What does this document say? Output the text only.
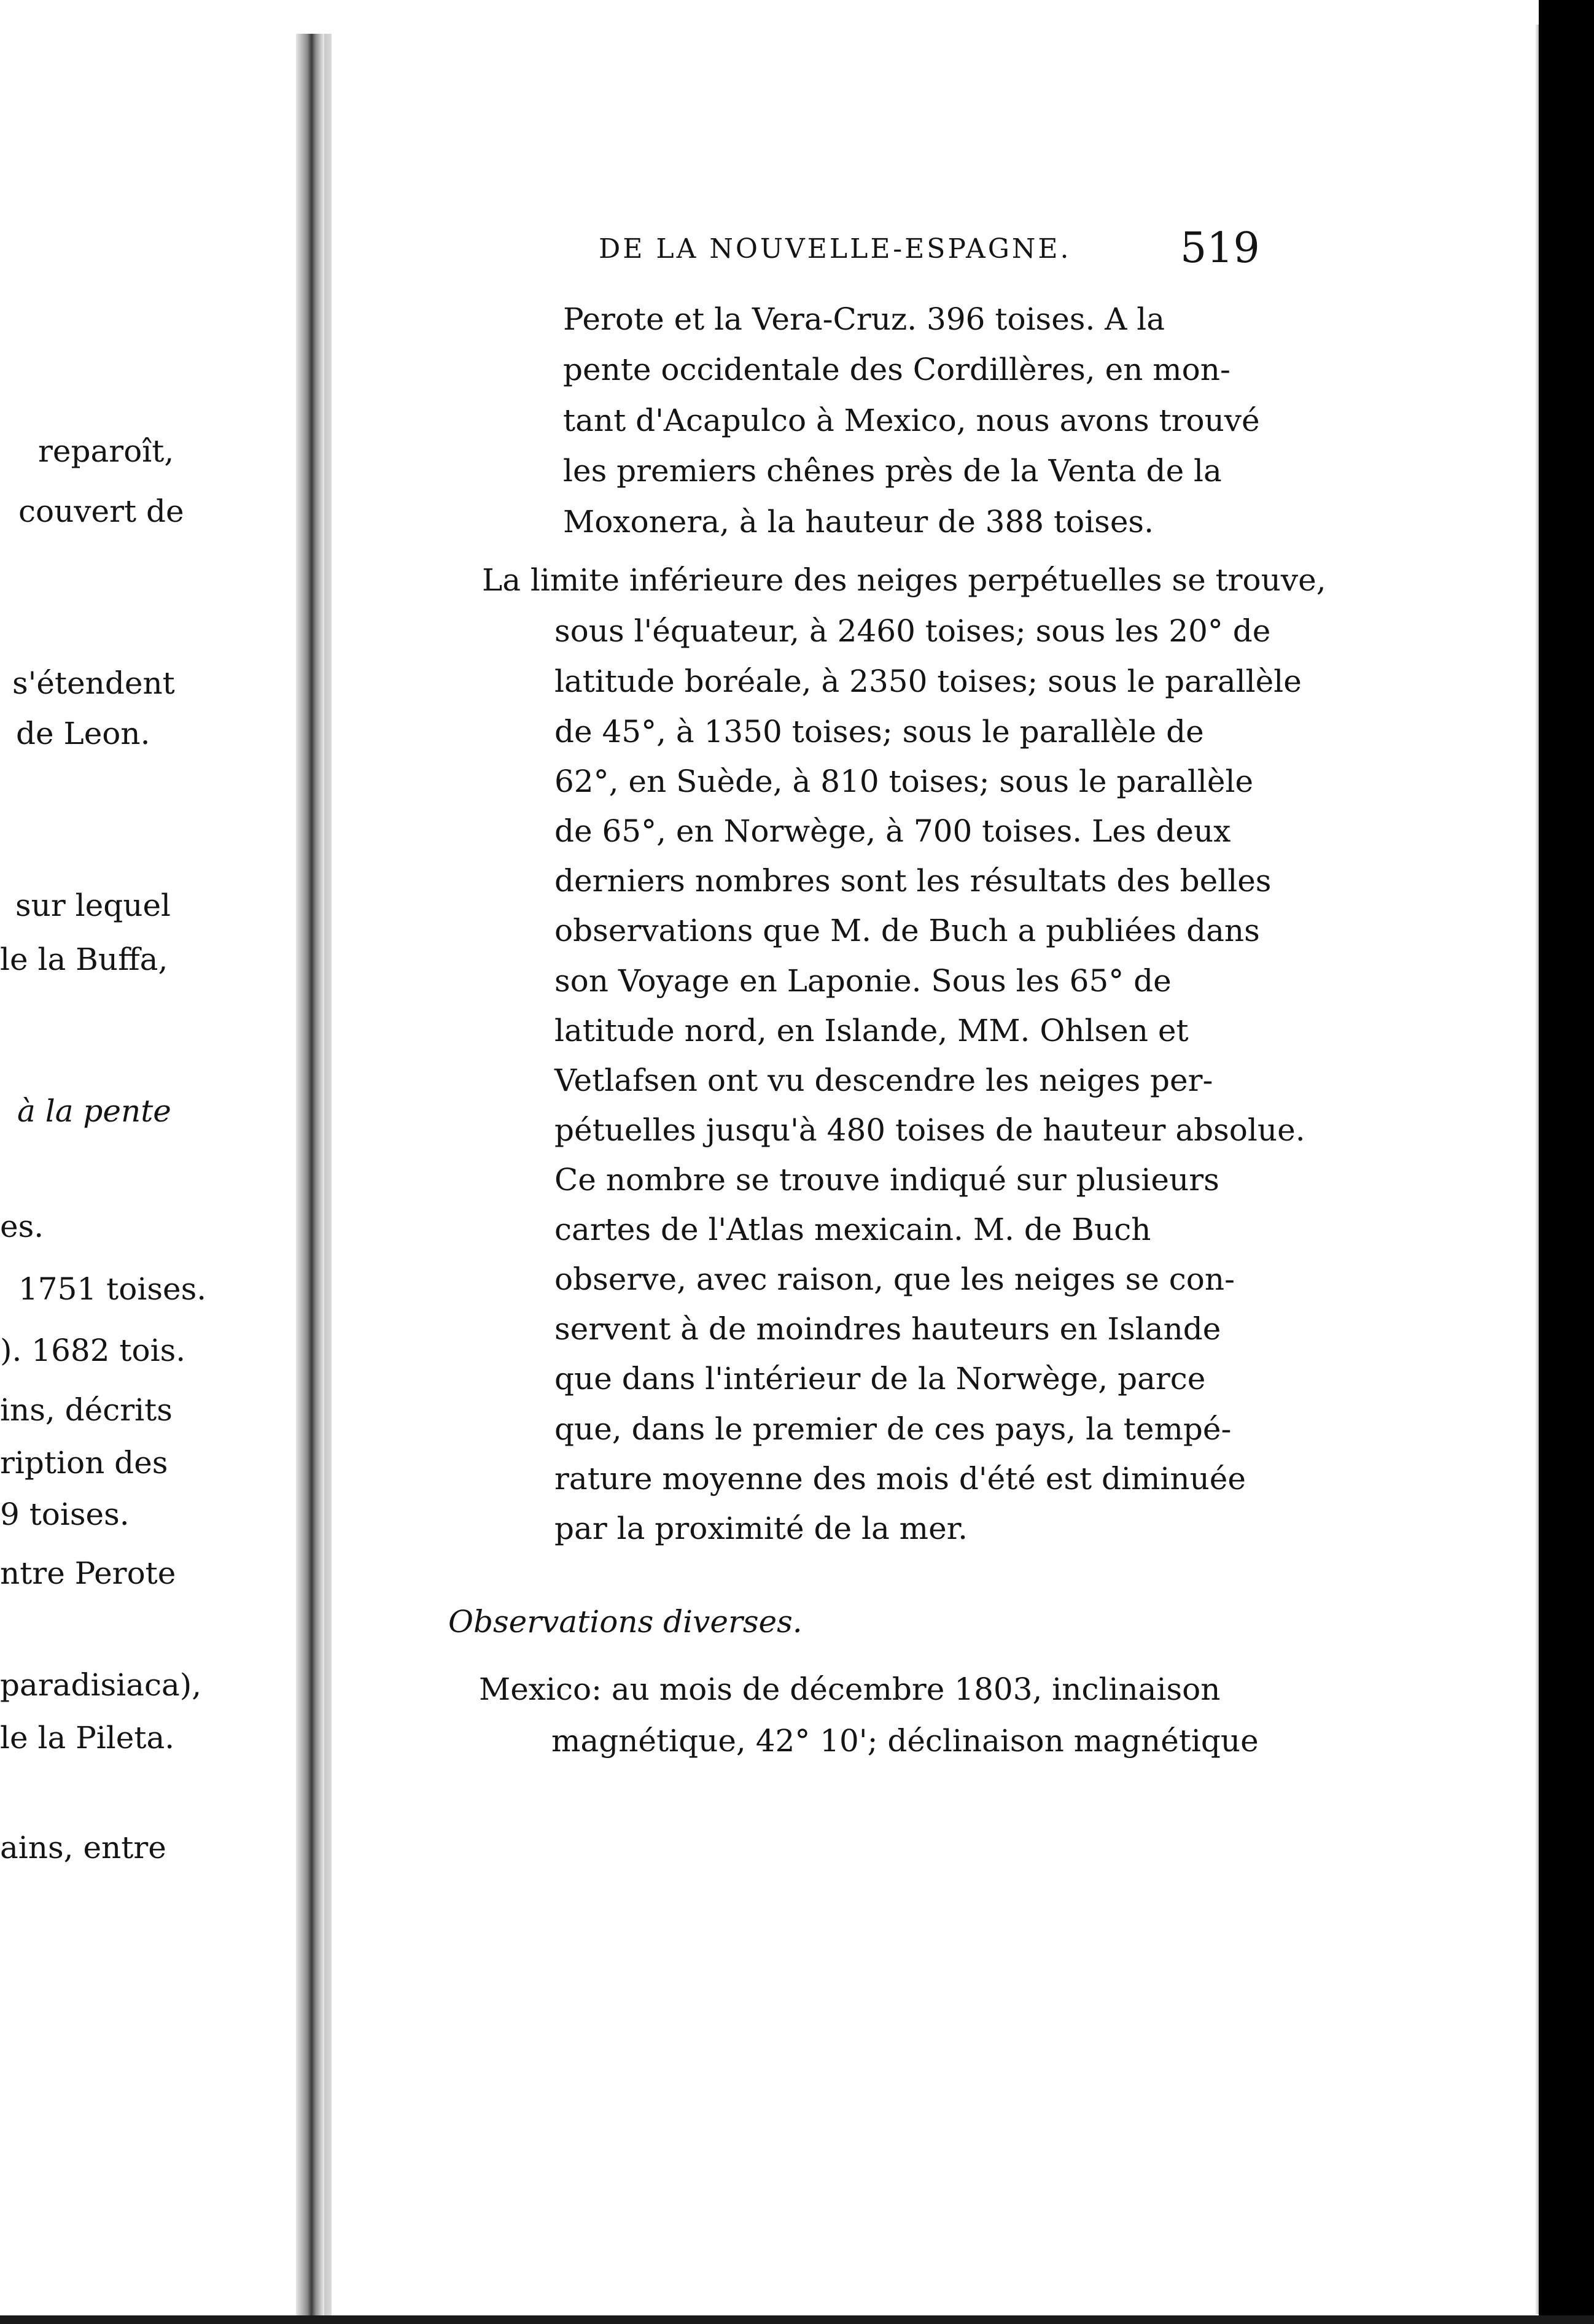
reparoît,
couvert de
s'étendent
de Leon.
sur lequel
le la Buffa,
à la pente
es.
1751 toises.
). 1682 tois.
ins, décrits
ription des
9 toises.
ntre Perote
paradisiaca),
le la Pileta.
ains, entre
DE LA NOUVELLE-ESPAGNE.	519
Perote et la Vera-Cruz. 396 toises. A la
pente occidentale des Cordillères, en mon-
tant d'Acapulco à Mexico, nous avons trouvé
les premiers chênes près de la Venta de la
Moxonera, à la hauteur de 388 toises.
La limite inférieure des neiges perpétuelles se trouve,
sous l'équateur, à 2460 toises; sous les 20° de
latitude boréale, à 2350 toises; sous le parallèle
de 45°, à 1350 toises; sous le parallèle de
62°, en Suède, à 810 toises; sous le parallèle
de 65°, en Norwège, à 700 toises. Les deux
derniers nombres sont les résultats des belles
observations que M. de Buch a publiées dans
son Voyage en Laponie. Sous les 65° de
latitude nord, en Islande, MM. Ohlsen et
Vetlafsen ont vu descendre les neiges per-
pétuelles jusqu'à 480 toises de hauteur absolue.
Ce nombre se trouve indiqué sur plusieurs
cartes de l'Atlas mexicain. M. de Buch
observe, avec raison, que les neiges se con-
servent à de moindres hauteurs en Islande
que dans l'intérieur de la Norwège, parce
que, dans le premier de ces pays, la tempé-
rature moyenne des mois d'été est diminuée
par la proximité de la mer.
Observations diverses.
Mexico: au mois de décembre 1803, inclinaison
magnétique, 42° 10'; déclinaison magnétique
